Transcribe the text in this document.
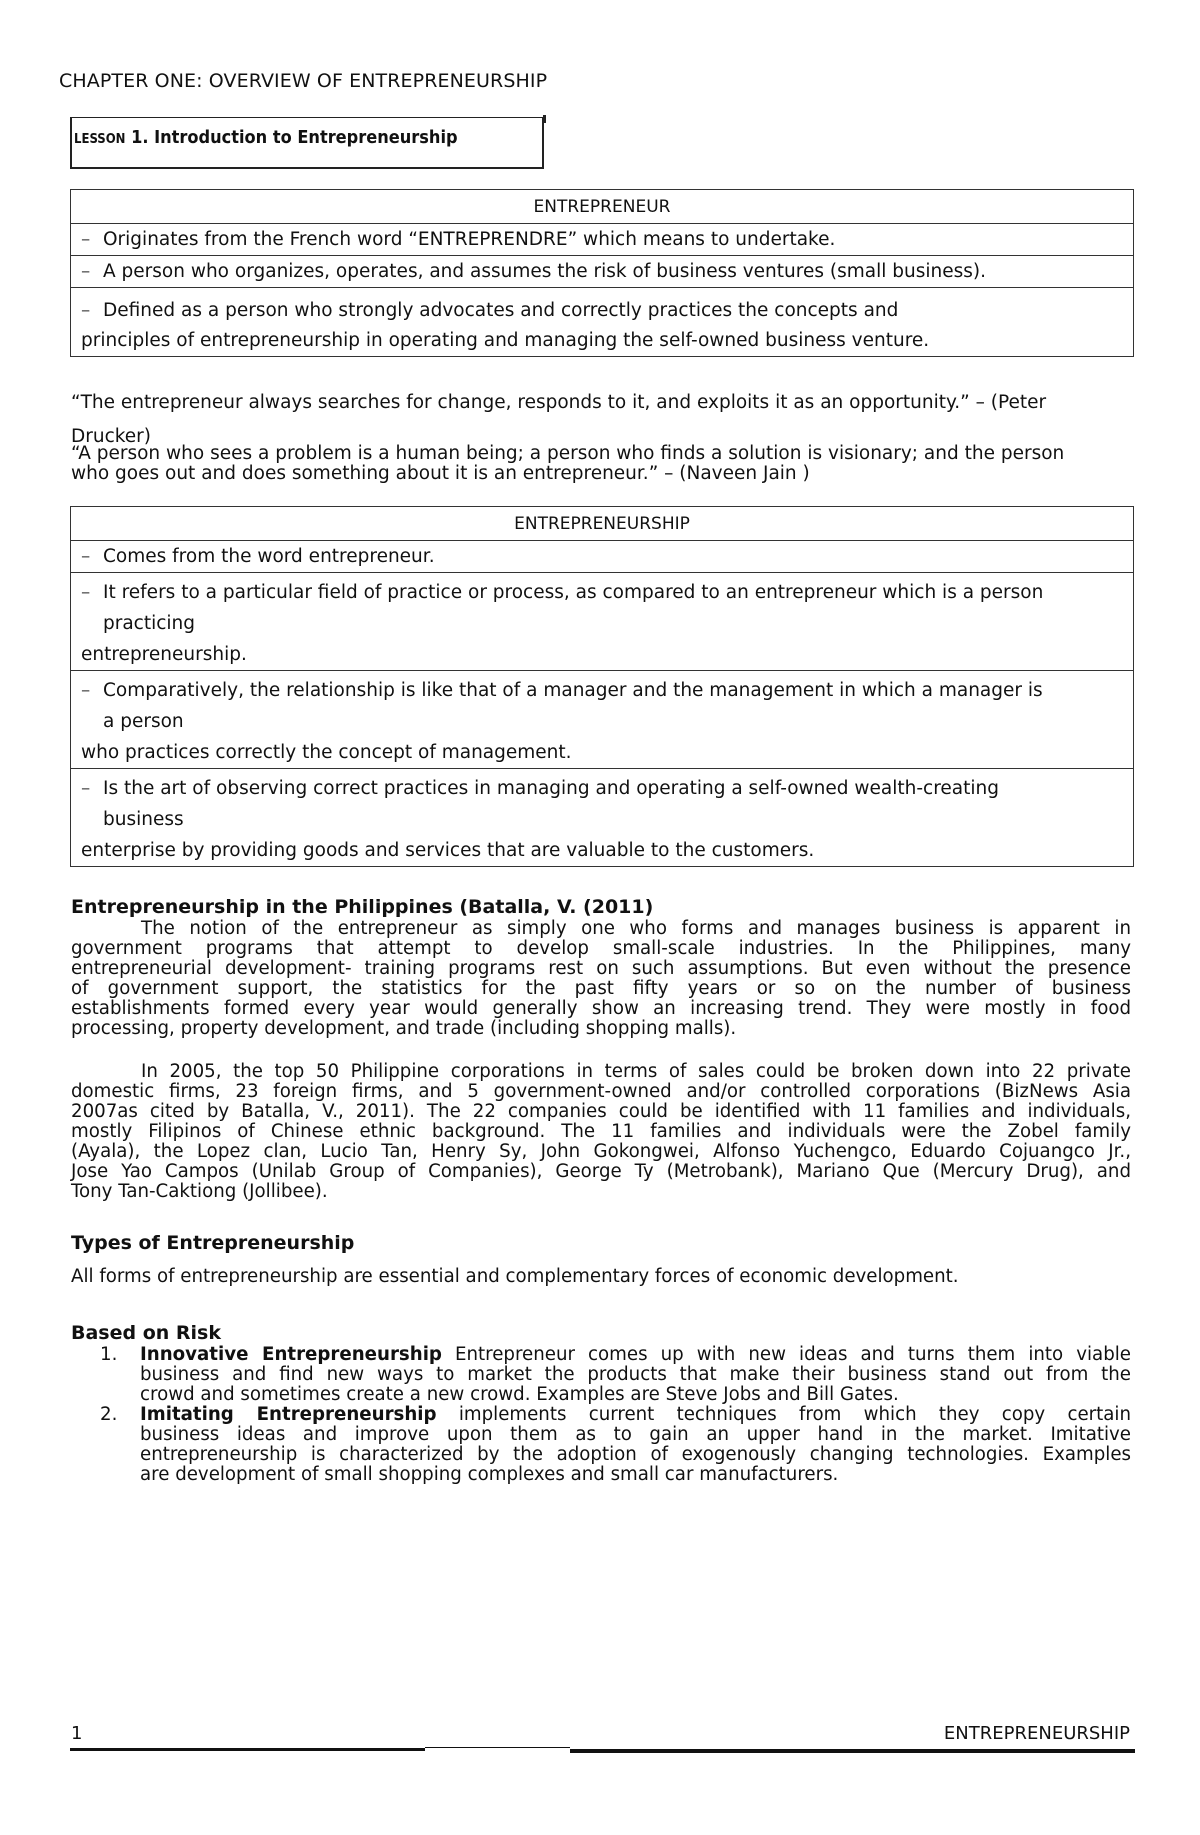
CHAPTER ONE: OVERVIEW OF ENTREPRENEURSHIP
LESSON 1. Introduction to Entrepreneurship
ENTREPRENEUR
– Originates from the French word “ENTREPRENDRE” which means to undertake.
– A person who organizes, operates, and assumes the risk of business ventures (small business).
– Defined as a person who strongly advocates and correctly practices the concepts and
principles of entrepreneurship in operating and managing the self-owned business venture.
“The entrepreneur always searches for change, responds to it, and exploits it as an opportunity.” – (Peter
Drucker)
“A person who sees a problem is a human being; a person who finds a solution is visionary; and the person
who goes out and does something about it is an entrepreneur.” – (Naveen Jain )
ENTREPRENEURSHIP
– Comes from the word entrepreneur.
– It refers to a particular field of practice or process, as compared to an entrepreneur which is a person
practicing
entrepreneurship.
– Comparatively, the relationship is like that of a manager and the management in which a manager is
a person
who practices correctly the concept of management.
– Is the art of observing correct practices in managing and operating a self-owned wealth-creating
business
enterprise by providing goods and services that are valuable to the customers.
Entrepreneurship in the Philippines (Batalla, V. (2011)
The notion of the entrepreneur as simply one who forms and manages business is apparent in
government programs that attempt to develop small-scale industries. In the Philippines, many
entrepreneurial development- training programs rest on such assumptions. But even without the presence
of government support, the statistics for the past fifty years or so on the number of business
establishments formed every year would generally show an increasing trend. They were mostly in food
processing, property development, and trade (including shopping malls).
In 2005, the top 50 Philippine corporations in terms of sales could be broken down into 22 private
domestic firms, 23 foreign firms, and 5 government-owned and/or controlled corporations (BizNews Asia
2007as cited by Batalla, V., 2011). The 22 companies could be identified with 11 families and individuals,
mostly Filipinos of Chinese ethnic background. The 11 families and individuals were the Zobel family
(Ayala), the Lopez clan, Lucio Tan, Henry Sy, John Gokongwei, Alfonso Yuchengco, Eduardo Cojuangco Jr.,
Jose Yao Campos (Unilab Group of Companies), George Ty (Metrobank), Mariano Que (Mercury Drug), and
Tony Tan-Caktiong (Jollibee).
Types of Entrepreneurship
All forms of entrepreneurship are essential and complementary forces of economic development.
Based on Risk
1. Innovative Entrepreneurship Entrepreneur comes up with new ideas and turns them into viable
business and find new ways to market the products that make their business stand out from the
crowd and sometimes create a new crowd. Examples are Steve Jobs and Bill Gates.
2. Imitating Entrepreneurship implements current techniques from which they copy certain
business ideas and improve upon them as to gain an upper hand in the market. Imitative
entrepreneurship is characterized by the adoption of exogenously changing technologies. Examples
are development of small shopping complexes and small car manufacturers.
1	ENTREPRENEURSHIP
